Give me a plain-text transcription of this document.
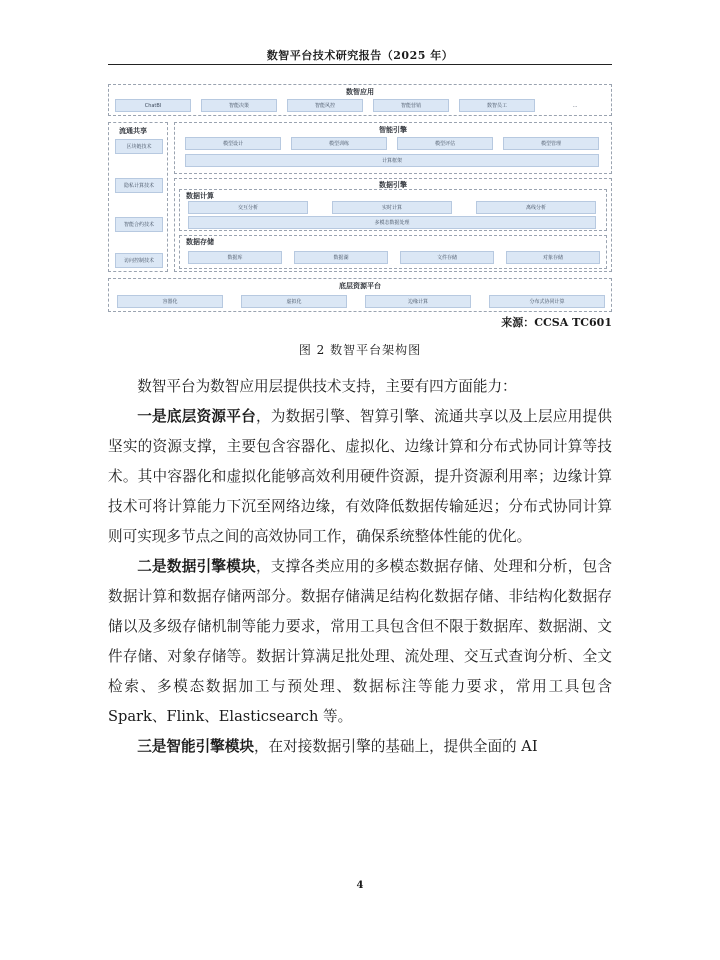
数智平台技术研究报告（2025 年）
数智应用
ChatBI	智能决策	智能风控	智能营销	数智员工	...
流通共享
区块链技术
隐私计算技术
智能合约技术
访问控制技术
智能引擎
模型设计	模型训练	模型评估	模型管理
计算框架
数据引擎
数据计算
交互分析	实时计算	离线分析
多模态数据处理
数据存储
数据库	数据湖	文件存储	对象存储
底层资源平台
容器化	虚拟化	边缘计算	分布式协同计算
来源：CCSA TC601
图 2 数智平台架构图

数智平台为数智应用层提供技术支持，主要有四方面能力：

一是底层资源平台，为数据引擎、智算引擎、流通共享以及上层应用提供坚实的资源支撑，主要包含容器化、虚拟化、边缘计算和分布式协同计算等技术。其中容器化和虚拟化能够高效利用硬件资源，提升资源利用率；边缘计算技术可将计算能力下沉至网络边缘，有效降低数据传输延迟；分布式协同计算则可实现多节点之间的高效协同工作，确保系统整体性能的优化。

二是数据引擎模块，支撑各类应用的多模态数据存储、处理和分析，包含数据计算和数据存储两部分。数据存储满足结构化数据存储、非结构化数据存储以及多级存储机制等能力要求，常用工具包含但不限于数据库、数据湖、文件存储、对象存储等。数据计算满足批处理、流处理、交互式查询分析、全文检索、多模态数据加工与预处理、数据标注等能力要求，常用工具包含 Spark、Flink、Elasticsearch 等。

三是智能引擎模块，在对接数据引擎的基础上，提供全面的 AI

4
